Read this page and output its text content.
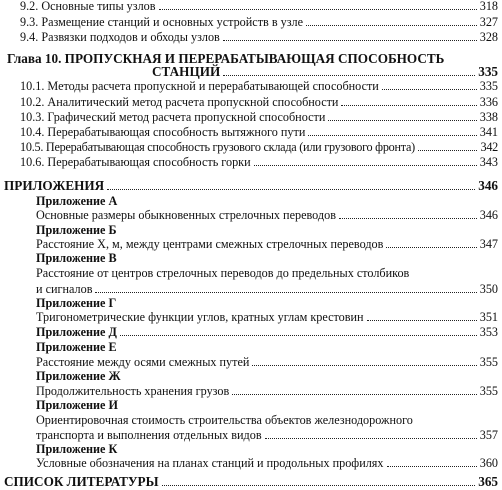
9.2. Основные типы узлов	318
9.3. Размещение станций и основных устройств в узле	327
9.4. Развязки подходов и обходы узлов	328
Глава 10. ПРОПУСКНАЯ И ПЕРЕРАБАТЫВАЮЩАЯ СПОСОБНОСТЬ
СТАНЦИЙ	335
10.1. Методы расчета пропускной и перерабатывающей способности	335
10.2. Аналитический метод расчета пропускной способности	336
10.3. Графический метод расчета пропускной способности	338
10.4. Перерабатывающая способность вытяжного пути	341
10.5. Перерабатывающая способность грузового склада (или грузового фронта)	342
10.6. Перерабатывающая способность горки	343
ПРИЛОЖЕНИЯ	346
Приложение А
Основные размеры обыкновенных стрелочных переводов	346
Приложение Б
Расстояние X, м, между центрами смежных стрелочных переводов	347
Приложение В
Расстояние от центров стрелочных переводов до предельных столбиков
и сигналов	350
Приложение Г
Тригонометрические функции углов, кратных углам крестовин	351
Приложение Д	353
Приложение Е
Расстояние между осями смежных путей	355
Приложение Ж
Продолжительность хранения грузов	355
Приложение И
Ориентировочная стоимость строительства объектов железнодорожного
транспорта и выполнения отдельных видов	357
Приложение К
Условные обозначения на планах станций и продольных профилях	360
СПИСОК ЛИТЕРАТУРЫ	365
